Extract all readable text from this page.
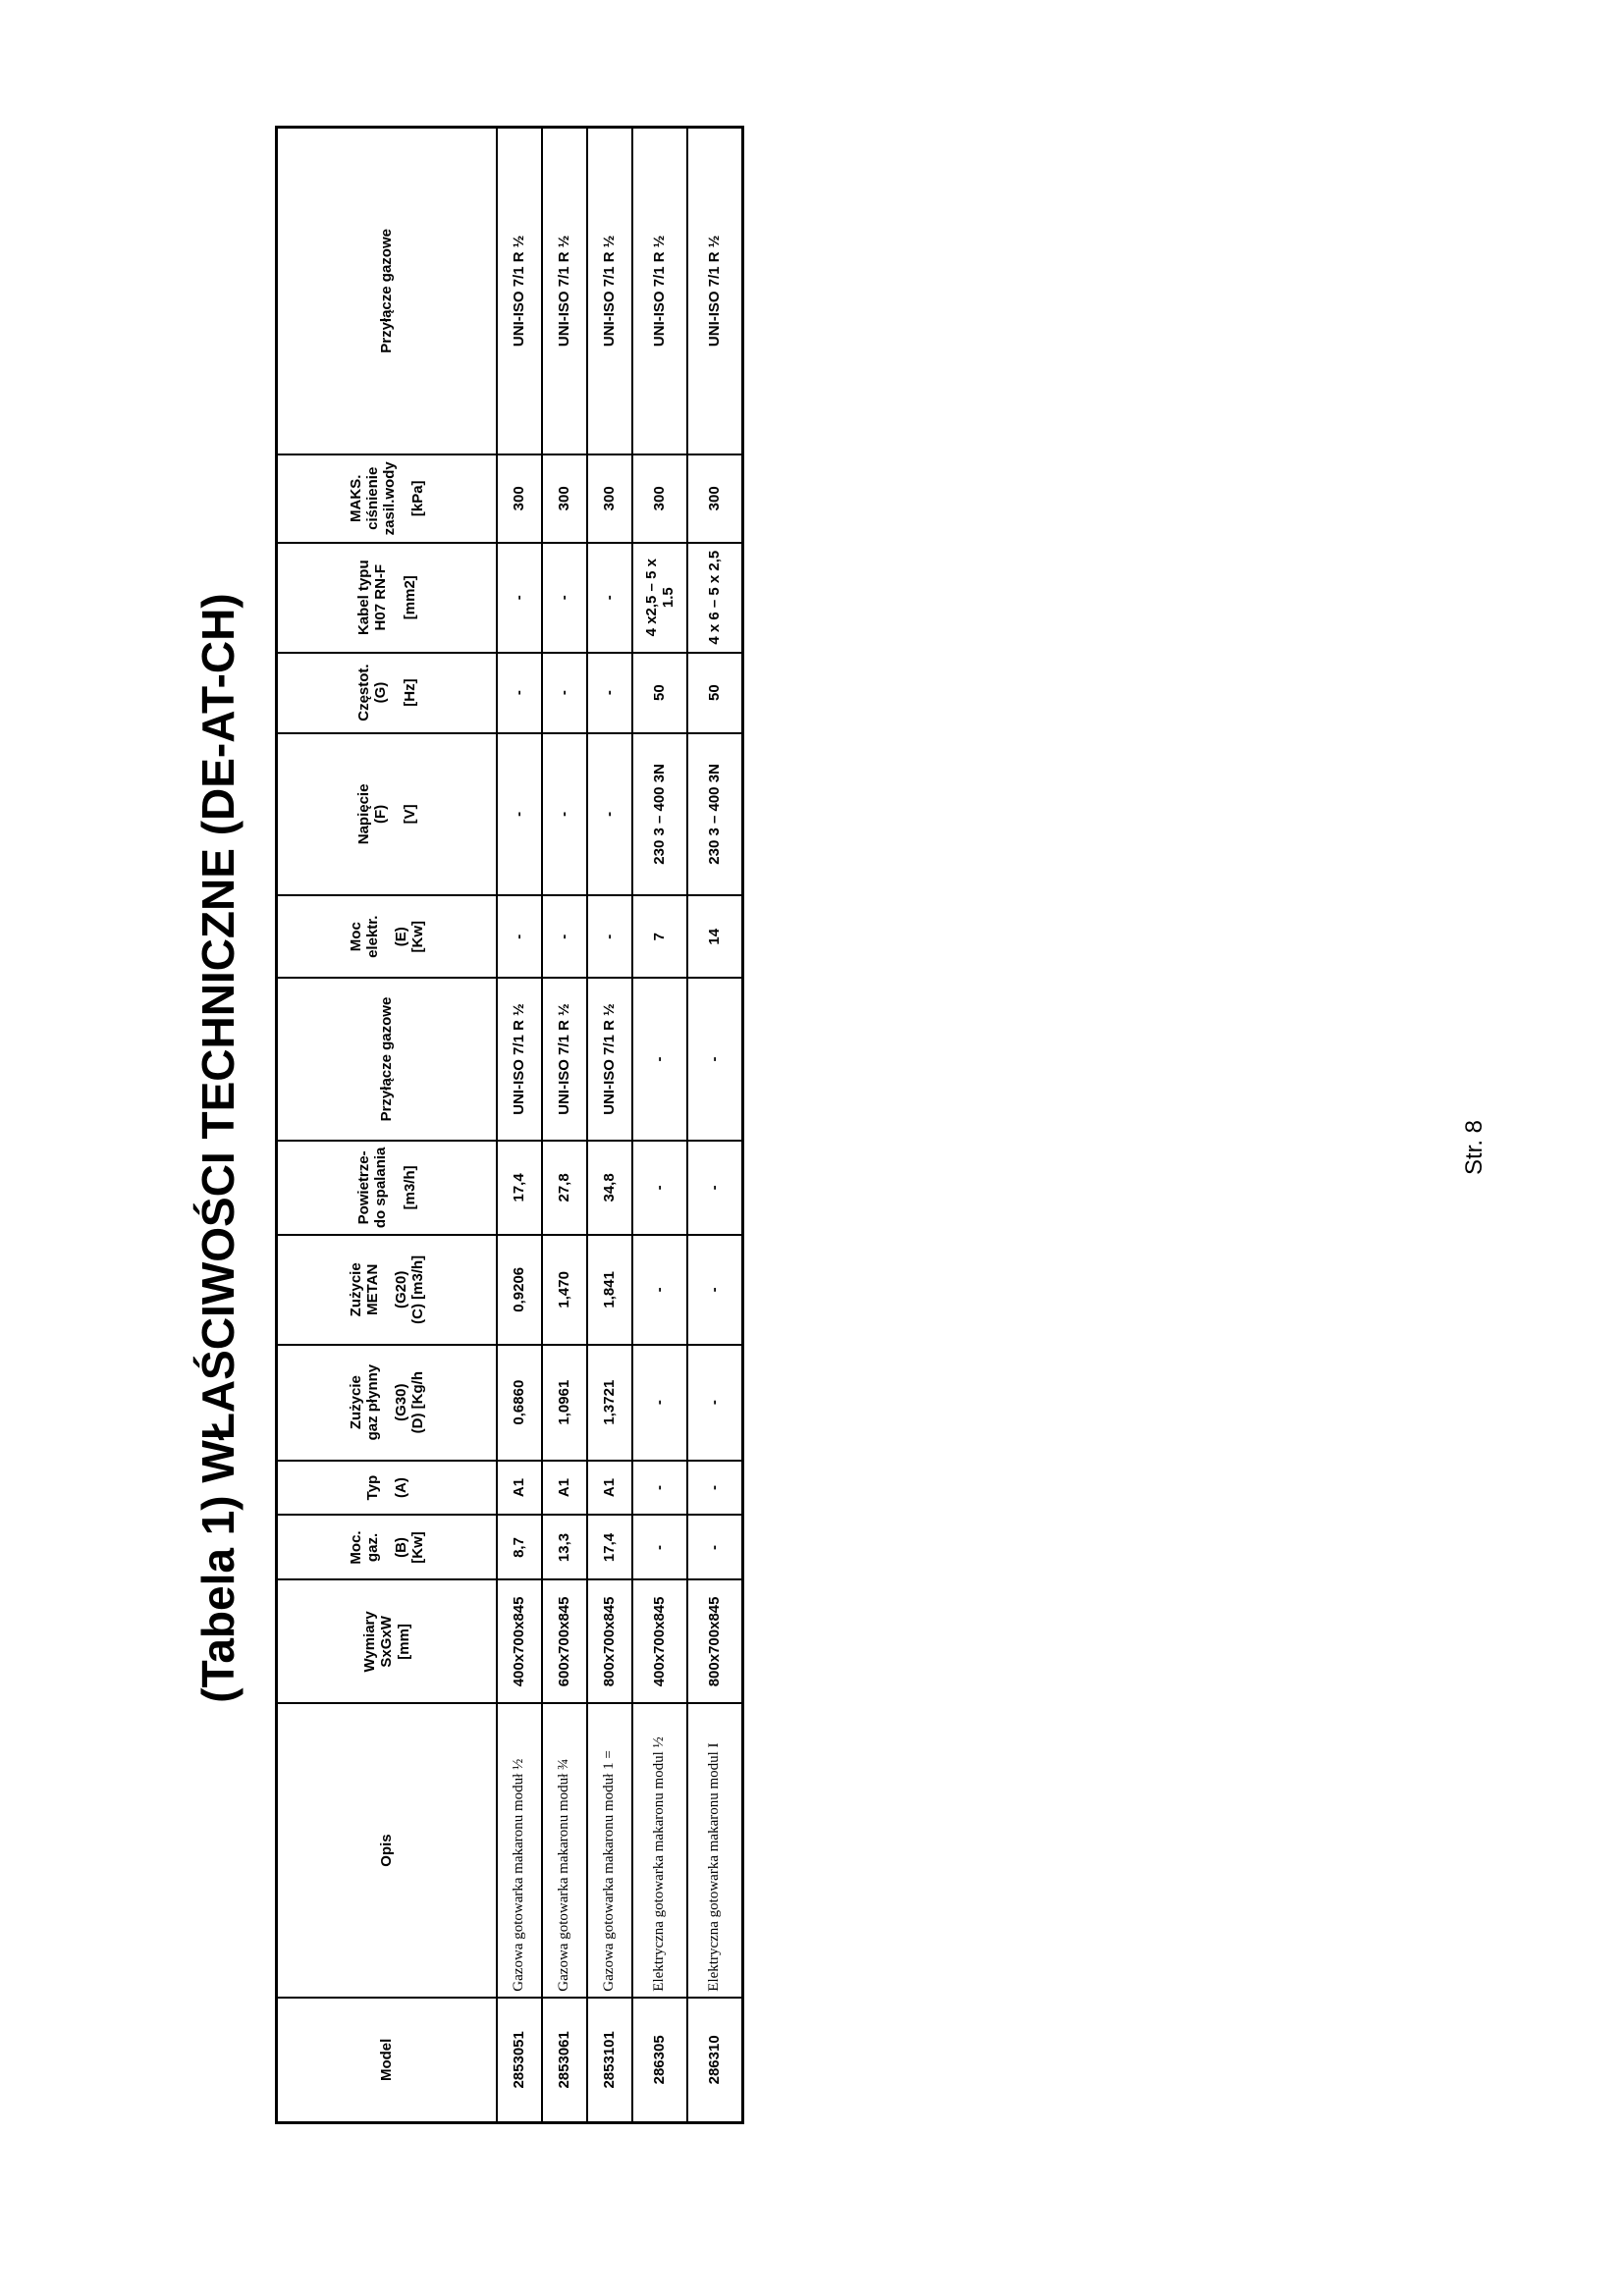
(Tabela 1) WŁAŚCIWOŚCI TECHNICZNE (DE-AT-CH)
Model	Opis	Wymiary SxGxW [mm]	Moc. gaz. (B) [Kw]	Typ (A)	Zużycie gaz płynny (G30) (D) [Kg/h	Zużycie METAN (G20) (C) [m3/h]	Powietrze- do spalania [m3/h]	Przyłącze gazowe	Moc elektr. (E) [Kw]	Napięcie (F) [V]	Częstot. (G) [Hz]	Kabel typu H07 RN-F [mm2]	MAKS. ciśnienie zasil.wody [kPa]	Przyłącze gazowe
2853051	Gazowa gotowarka makaronu moduł ½	400x700x845	8,7	A1	0,6860	0,9206	17,4	UNI-ISO 7/1 R ½	-	-	-	-	300	UNI-ISO 7/1 R ½
2853061	Gazowa gotowarka makaronu moduł ¾	600x700x845	13,3	A1	1,0961	1,470	27,8	UNI-ISO 7/1 R ½	-	-	-	-	300	UNI-ISO 7/1 R ½
2853101	Gazowa gotowarka makaronu moduł 1 =	800x700x845	17,4	A1	1,3721	1,841	34,8	UNI-ISO 7/1 R ½	-	-	-	-	300	UNI-ISO 7/1 R ½
286305	Elektryczna gotowarka makaronu modul ½	400x700x845	-	-	-	-	-	-	7	230 3 – 400 3N	50	4 x2,5 – 5 x 1.5	300	UNI-ISO 7/1 R ½
286310	Elektryczna gotowarka makaronu modul I	800x700x845	-	-	-	-	-	-	14	230 3 – 400 3N	50	4 x 6 – 5 x 2,5	300	UNI-ISO 7/1 R ½
Str. 8
